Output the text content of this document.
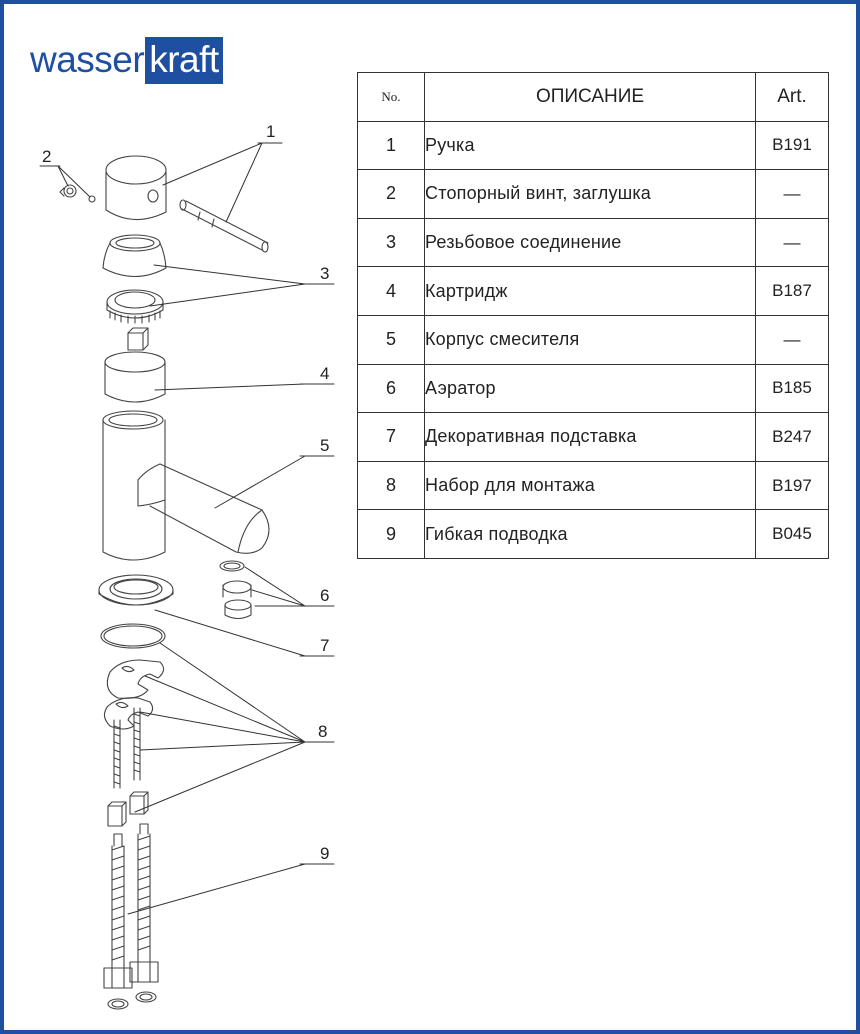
wasser kraft
No.	ОПИСАНИЕ	Art.
1	Ручка	B191
2	Стопорный винт, заглушка	—
3	Резьбовое соединение	—
4	Картридж	B187
5	Корпус смесителя	—
6	Аэратор	B185
7	Декоративная подставка	B247
8	Набор для монтажа	B197
9	Гибкая подводка	B045
1
2
3
4
5
6
7
8
9
